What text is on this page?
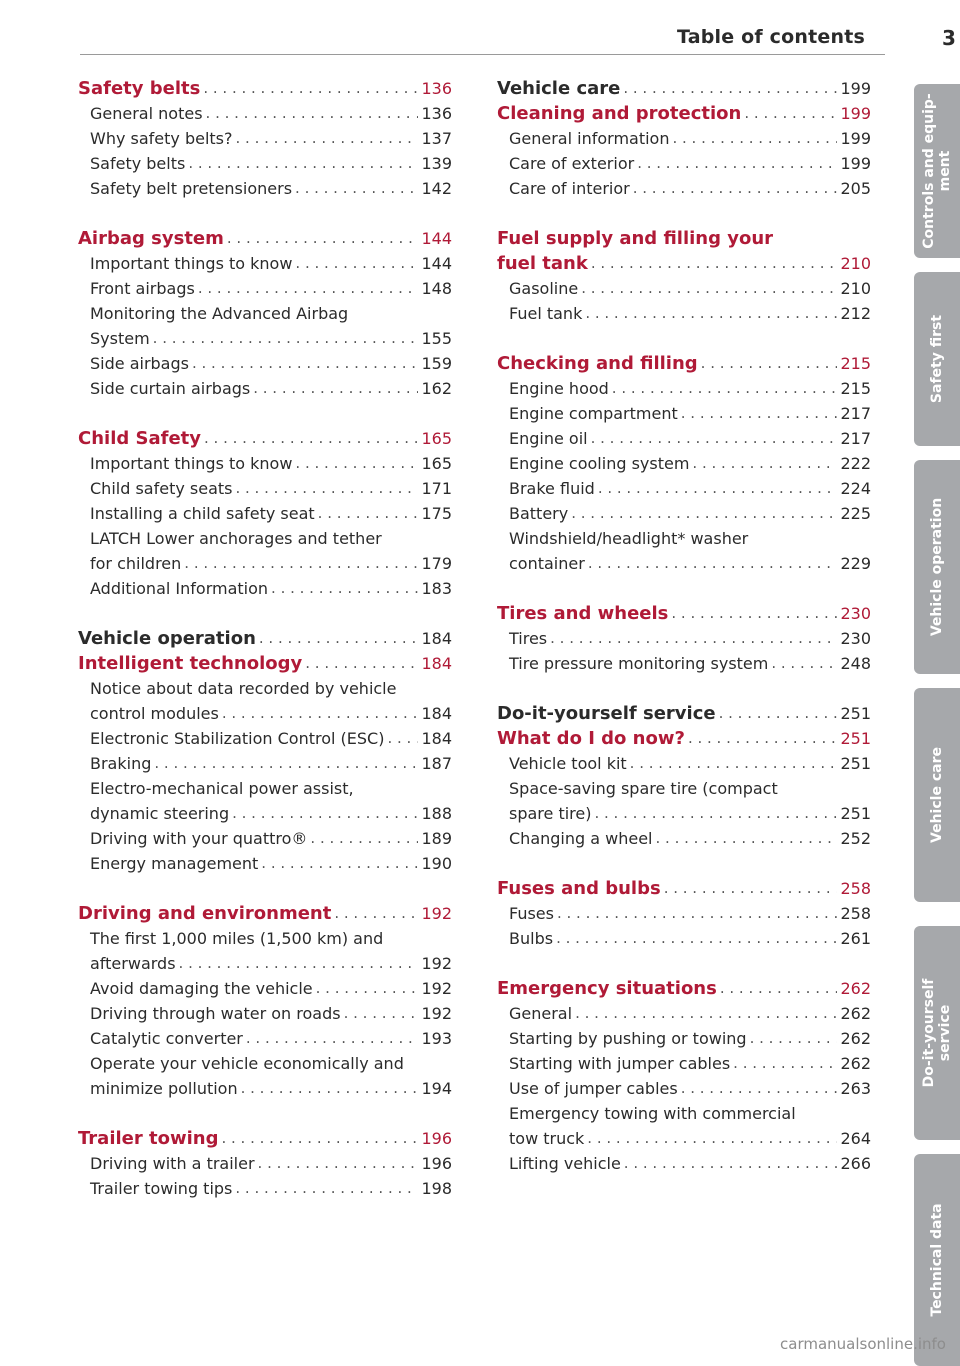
Table of contents	3
Safety belts . . .	136
General notes . . .	136
Why safety belts? . . .	137
Safety belts . . .	139
Safety belt pretensioners . . .	142
Airbag system . . .	144
Important things to know . . .	144
Front airbags . . .	148
Monitoring the Advanced Airbag
System . . .	155
Side airbags . . .	159
Side curtain airbags . . .	162
Child Safety . . .	165
Important things to know . . .	165
Child safety seats . . .	171
Installing a child safety seat . . .	175
LATCH Lower anchorages and tether
for children . . .	179
Additional Information . . .	183
Vehicle operation . . .	184
Intelligent technology . . .	184
Notice about data recorded by vehicle
control modules . . .	184
Electronic Stabilization Control (ESC) . . . 184
Braking . . .	187
Electro-mechanical power assist,
dynamic steering . . .	188
Driving with your quattro® . . .	189
Energy management . . .	190
Driving and environment . . .	192
The first 1,000 miles (1,500 km) and
afterwards . . .	192
Avoid damaging the vehicle . . .	192
Driving through water on roads . . .	192
Catalytic converter . . .	193
Operate your vehicle economically and
minimize pollution . . .	194
Trailer towing . . .	196
Driving with a trailer . . .	196
Trailer towing tips . . .	198
Vehicle care . . .	199
Cleaning and protection . . .	199
General information . . .	199
Care of exterior . . .	199
Care of interior . . .	205
Fuel supply and filling your
fuel tank . . .	210
Gasoline . . .	210
Fuel tank . . .	212
Checking and filling . . .	215
Engine hood . . .	215
Engine compartment . . .	217
Engine oil . . .	217
Engine cooling system . . .	222
Brake fluid . . .	224
Battery . . .	225
Windshield/headlight* washer
container . . .	229
Tires and wheels . . .	230
Tires . . .	230
Tire pressure monitoring system . . .	248
Do-it-yourself service . . .	251
What do I do now? . . .	251
Vehicle tool kit . . .	251
Space-saving spare tire (compact
spare tire) . . .	251
Changing a wheel . . .	252
Fuses and bulbs . . .	258
Fuses . . .	258
Bulbs . . .	261
Emergency situations . . .	262
General . . .	262
Starting by pushing or towing . . .	262
Starting with jumper cables . . .	262
Use of jumper cables . . .	263
Emergency towing with commercial
tow truck . . .	264
Lifting vehicle . . .	266
Controls and equip-
ment
Safety first
Vehicle operation
Vehicle care
Do-it-yourself
service
Technical data
carmanualsonline.info
